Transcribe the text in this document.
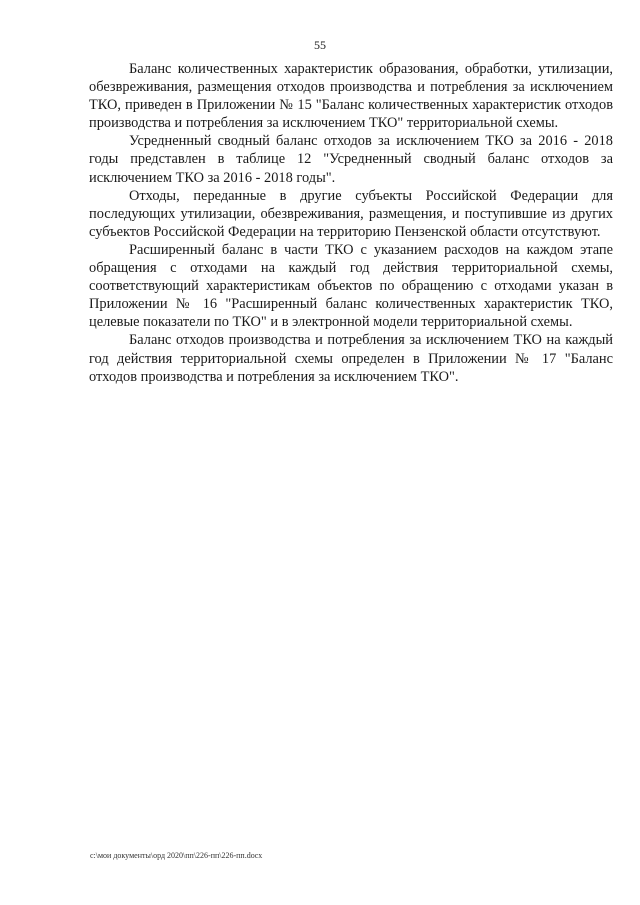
55

Баланс количественных характеристик образования, обработки, утилизации, обезвреживания, размещения отходов производства и потребления за исключением ТКО, приведен в Приложении № 15 "Баланс количественных характеристик отходов производства и потребления за исключением ТКО" территориальной схемы.

Усредненный сводный баланс отходов за исключением ТКО за 2016 - 2018 годы представлен в таблице 12 "Усредненный сводный баланс отходов за исключением ТКО за 2016 - 2018 годы".

Отходы, переданные в другие субъекты Российской Федерации для последующих утилизации, обезвреживания, размещения, и поступившие из других субъектов Российской Федерации на территорию Пензенской области отсутствуют.

Расширенный баланс в части ТКО с указанием расходов на каждом этапе обращения с отходами на каждый год действия территориальной схемы, соответствующий характеристикам объектов по обращению с отходами указан в Приложении № 16 "Расширенный баланс количественных характеристик ТКО, целевые показатели по ТКО" и в электронной модели территориальной схемы.

Баланс отходов производства и потребления за исключением ТКО на каждый год действия территориальной схемы определен в Приложении № 17 "Баланс отходов производства и потребления за исключением ТКО".

c:\мои документы\орд 2020\пп\226-пп\226-пп.docx
